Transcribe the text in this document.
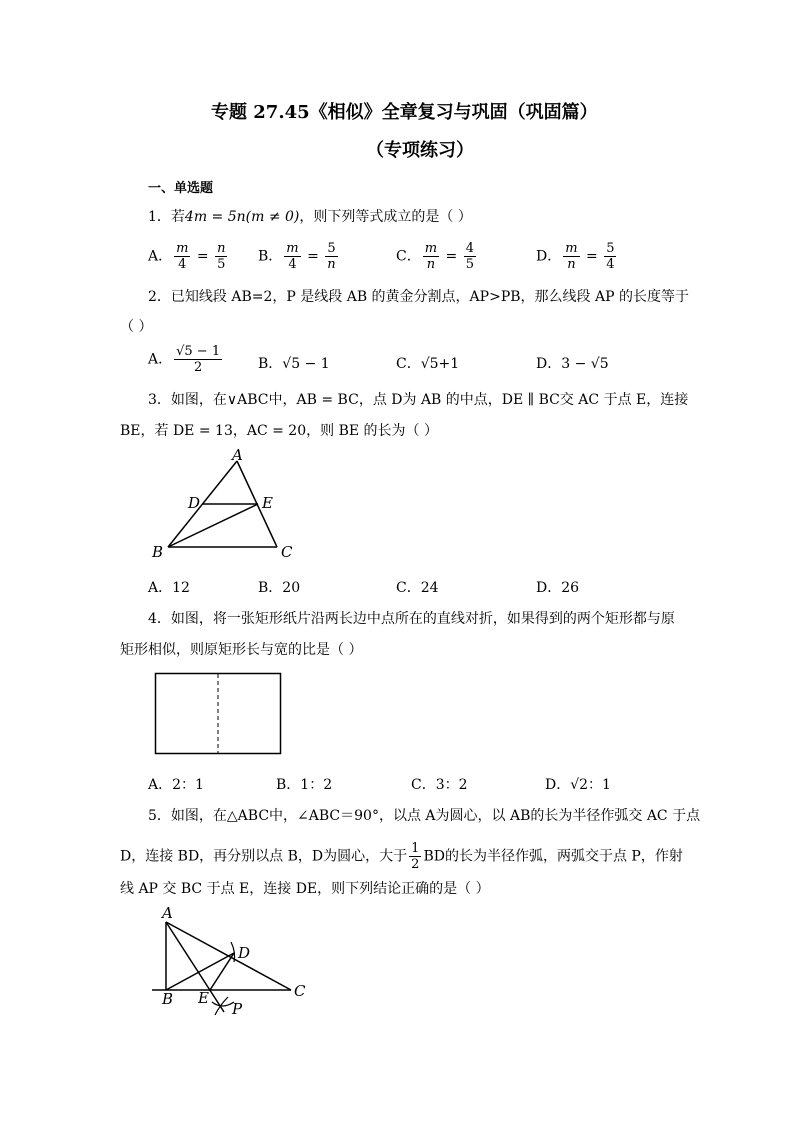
专题 27.45《相似》全章复习与巩固（巩固篇）
（专项练习）
一、单选题
1．若4m = 5n(m ≠ 0)，则下列等式成立的是（ ）
A． $\frac{m}{4} = \frac{n}{5}$ B． $\frac{m}{4} = \frac{5}{n}$	C． $\frac{m}{n} = \frac{4}{5}$	D． $\frac{m}{n} = \frac{5}{4}$
2．已知线段 AB=2，P 是线段 AB 的黄金分割点，AP>PB，那么线段 AP 的长度等于
（ ）
A． $\frac{√5 - 1}{2}$	B．√5 − 1	C．√5+1	D．3 − √5
3．如图，在∨ABC中，AB = BC，点 D为 AB 的中点，DE ∥ BC交 AC 于点 E，连接
BE，若 DE = 13，AC = 20，则 BE 的长为（ ）
A
D	E
B	C
A．12	B．20	C．24	D．26
4．如图，将一张矩形纸片沿两长边中点所在的直线对折，如果得到的两个矩形都与原
矩形相似，则原矩形长与宽的比是（ ）
A．2：1	B．1：2	C．3：2	D．√2：1
5．如图，在△ABC中，∠ABC＝90°，以点 A为圆心，以 AB的长为半径作弧交 AC 于点
D，连接 BD，再分别以点 B，D为圆心，大于 $\frac{1}{2}$ BD的长为半径作弧，两弧交于点 P，作射
线 AP 交 BC 于点 E，连接 DE，则下列结论正确的是（ ）
A
D
C
B E
P
